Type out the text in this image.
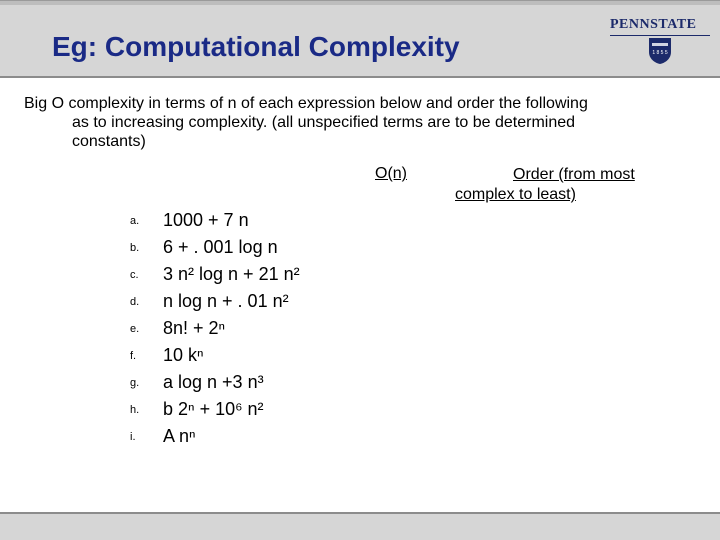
Eg: Computational Complexity
PENNSTATE
1 8 5 5
Big O complexity in terms of n of each expression below and order the following
as to increasing complexity. (all unspecified terms are to be determined
constants)
O(n)	Order (from most
complex to least)
a. 1000 + 7 n
b. 6 + . 001 log n
c. 3 n² log n + 21 n²
d. n log n + . 01 n²
e. 8n! + 2ⁿ
f. 10 kⁿ
g. a log n +3 n³
h. b 2ⁿ + 10⁶ n²
i. A nⁿ
